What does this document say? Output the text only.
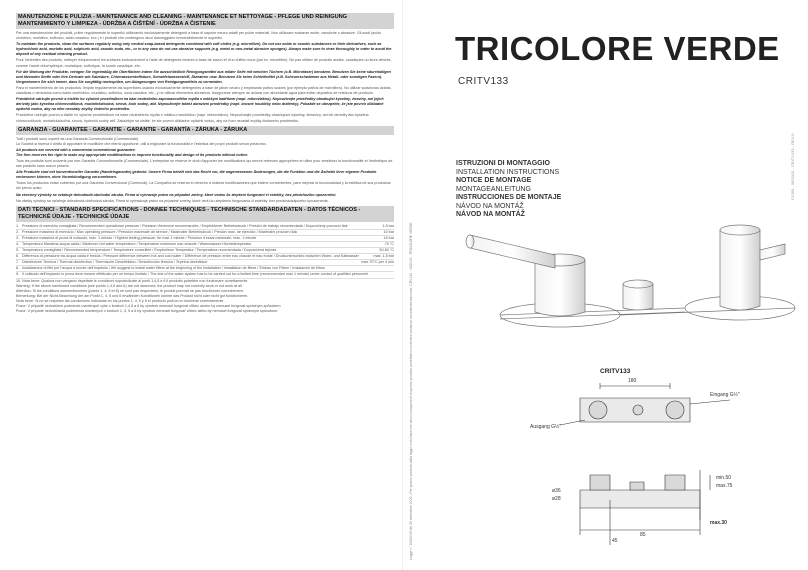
MANUTENZIONE E PULIZIA - MAINTENANCE AND CLEANING - MAINTENANCE ET NETTOYAGE - PFLEGE UND REINIGUNG
MANTENIMIENTO Y LIMPIEZA - ÚDRŽBA A ČIŠTĚNÍ - ÚDRŽBA A ČISTENIE

Per una manutenzione dei prodotti, pulire regolarmente le superfici utilizzando esclusivamente detergenti a base di sapone neutro adatti per pulire materiali. Non utilizzare sostanze acide, caustiche o abrasive. Gli acidi (acido cloridrico, muriatico, solforico, acido ossalico, ecc.) e i prodotti che contengono alcol danneggiano irreversibilmente le superfici.

To maintain the products, clean the surfaces regularly using only neutral soap-based detergents combined with soft cloths (e.g. microfibre). Do not use acids or caustic substances or their derivatives, such as hydrochloric acid, muriatic acid, sulphuric acid, caustic soda, etc., or in any case do not use abrasive supports (e.g. metal or non-metal abrasive sponges). Always make sure to rinse thoroughly in order to avoid the deposit of any residual cleaning product.

Pour l'entretien des produits, nettoyer fréquemment les surfaces exclusivement à l'aide de détergents neutres à base de savon et d'un chiffon doux (par ex. microfibre). Ne pas utiliser de produits acides, caustiques ou leurs dérivés, comme l'acide chlorhydrique, muriatique, sulfurique, la soude caustique, etc.

Für die Wartung der Produkte, reinigen Sie regelmäßig die Oberflächen indem Sie ausschließlich Reinigungsmittel aus milder Seife mit weichen Tüchern (z.B. Mikrofaser) benutzen. Benutzen Sie keine säurehaltigen und ätzenden Stoffe oder ihre Derivate wie Salzsäure, Chlorwasserstoffsäure, Schwefelwasserstoff, Ätznatron usw. Benutzen Sie keine Schleifmittel (z.B. Scheuerschwämme aus Metall- oder sonstigen Fasern). Vergewissern Sie sich immer, dass Sie sorgfältig nachspülen, um Ablagerungen von Reinigungsmitteln zu vermeiden.

Para el mantenimiento de los productos, limpiar regularmente las superficies usando exclusivamente detergentes a base de jabón neutro y empleando paños suaves (por ejemplo paños de microfibra). No utilizar sustancias ácidas, cáusticas o derivados como ácido clorhídrico, muriático, sulfúrico, sosa cáustica, etc., y no utilizar elementos abrasivos. Asegurarse siempre de aclarar con abundante agua para evitar depósitos de residuos de producto.

Pravidelně udržujte povrch a čistěte ho výlučně prostředkem na bázi neutrálního zapomaxovitého mýdla s měkkým hadříkem (např. mikrovlákno). Nepoužívejte prostředky obsahující kyseliny, žíraviny, ani jejich deriváty jako kyselina chlorovodíková, muriatická/solná, sírová, louh sodný, atd. Nepoužívejte taktéž abrazivní prostředky (např. brusné houbičky nebo drátěnky). Pokaždé se ubezpečte, že jste povrch důkladně opláchli vodou, aby na něm neostaly zbytky čisticího prostředku.

Pravidelne udržujte povrch a čistite ho výlučne prostriedkom na báze neutrálneho mydla s mäkkou handričkou (napr. mikrovlákno). Nepoužívajte prostriedky obsahujúce kyseliny, žieraviny, ani ich deriváty ako kyselina chlorovodíková, muriatická/soľná, sírová, hydroxid sodný atď. Zakaždým sa uistite, že ste povrch dôkladne opláchli vodou, aby na ňom neostali zvyšky čistiaceho prostriedku.

GARANZIA - GUARANTEE - GARANTIE - GARANTIE - GARANTÍA - ZÁRUKA - ZÁRUKA

Tutti i prodotti sono coperti da una Garanzia Convenzionale (Commerciale).
La Società si riserva il diritto di apportare le modifiche che riterrà opportune, utili a migliorare la funzionalità e l'estetica dei propri prodotti senza preavviso.

All products are covered with a commercial conventional guarantee.
The firm reserves the right to make any appropriate modifications to improve functionality and design of its products without notice.

Tous les produits sont couverts par une Garantie Conventionnelle (Commerciale). L'entreprise se réserve le droit d'apporter les modifications qui seront retenues appropriées et utiles pour améliorer la fonctionnalité et l'esthétique de ses produits sans aucun préavis.

Alle Produkte sind mit konventioneller Garantie (Handelsgarantie) gedeckt. Unsere Firma behält sich das Recht vor, die angemessenen Änderungen, die die Funktion und die Ästhetik ihrer eigenen Produkte verbessern können, ohne Vorankündigung vorzunehmen.

Todos los productos están cubiertos por una Garantía Convencional (Comercial). La Compañía se reserva el derecho a realizar modificaciones que estime convenientes, para mejorar la funcionalidad y la estética de sus productos sin previo aviso.

Na všechny výrobky se vztahuje dohodnutá obchodní záruka. Firma si vyhrazuje právo na případné změny, které vedou ke zlepšení fungování či estetiky, bez předchozího upozornění.

Na všetky výrobky sa vzťahuje dohodnutá obchodná záruka. Firma si vyhradzuje právo na prípadné zmeny, ktoré vedú ku zlepšeniu fungovania či estetiky, bez predchádzajúceho upozornenia.

DATI TECNICI - STANDARD SPECIFICATIONS - DONNEE TECHNIQUES - TECHNISCHE STANDARDADATEN - DATOS TÉCNICOS - TECHNICKÉ ÚDAJE - TECHNICKÉ ÚDAJE
1. Pressione di esercizio consigliata / Recommended operational pressure / Pression d'exercice recommandée / Empfohlener Betriebsdruck / Presión de trabajo recomendada / Doporučený provozní tlak	1-5 bar
2. Pressione massima di esercizio / Max operating pressure / Pression maximale de service / Maximaler Betriebsdruck / Presión max. de ejercicio / Maximální provozní tlak	10 bar
3. Pressione massima di prova di collaudo, max. 1 minuto / Highest testing pressure, for max 1 minute / Pression d'essai maximale, max. 1 minute	16 bar
4. Temperatura Massima acqua calda / Maximum hot water temperature / Température maximum eau chaude / Warmwasser-Höchsttemperatur	70 °C
5. Temperatura consigliata / Recommended temperature / Température conseillée / Empfohlene Temperatur / Temperatura recomendada / Doporučená teplota	50-60 °C
6. Differenza di pressione tra acqua calda e fredda / Pressure difference between hot and cold water / Différence de pression entre eau chaude et eau froide / Druckunterschied zwischen Warm- und Kaltwasser	max. 1,5 bar
7. Disinfezione Termica / Thermal disinfection / Thermische Desinfektion / Desinfección térmica / Tepelná dezinfekce	max 70°C per 4 min
8. Installazione di filtri per l'acqua a monte dell'impianto / We suggest to install water filters at the beginning of the installation / Installation de filtres / Einbau von Filtern / Instalación de filtros
9. Il collaudo dell'impianto in prova deve essere effettuato per un tempo limitato / The test of the water system has to be carried out for a limited time (recommended max 1 minute) under control of qualified personnel
10. Nota bene: Qualora non vengano rispettate le condizioni sopraindicate ai punti 1,4,5 e 6 il prodotto potrebbe non funzionare correttamente.
Warning: If the above mentioned conditions (see points 1,4,5 and 6) are not observed, the product may not correctly work or not work at all.
Attention: Si les conditions susmentionnées (points 1, 4, 5 et 6) ne sont pas respectées, le produit pourrait ne pas fonctionner correctement.
Bemerkung: Bei der Nicht-Beachtung der am Punkt 1, 4, 5 und 6 erwähnten Konditionen könnte das Produkt nicht oder nicht gut funktionieren.
Nota bene: Si no se respetan las condiciones indicadas en los puntos 1, 4, 5 y 6 el producto podría no funcionar correctamente.
Pozor: V případě nedodržení podmínek uvedených výše v bodech 1,4,5 a 6 by výrobek nemusel fungovat vůbec anebo by nemusel fungovat správným způsobem.
Pozor: V prípade nedodržania podmienok uvedených v bodoch 1, 4, 5 a 6 by výrobok nemusel fungovať vôbec alebo by nemusel fungovať správnym spôsobom.	Legge n° 162/2009 del 25 settembre 2009 - Per quanto previsto dalla legge si dichiara che alcuni componenti di questo prodotto potrebbero contenere sostanze considerate dannose. CRV133 · 06/2015 · TRICOLORE VERDE
TRICOLORE VERDE
CRITV133
ISTRUZIONI DI MONTAGGIO
INSTALLATION INSTRUCTIONS
NOTICE DE MONTAGE
MONTAGEANLEITUNG
INSTRUCCIONES DE MONTAJE
NÁVOD NA MONTÁŽ
NÁVOD NA MONTÁŽ
CRITV133
180
Eingang G½"
Ausgang G½"
min.50
max.75
max.30
ø36
ø28
45
85
F1059 - 06/2015 - CRITV133 - REV.0
